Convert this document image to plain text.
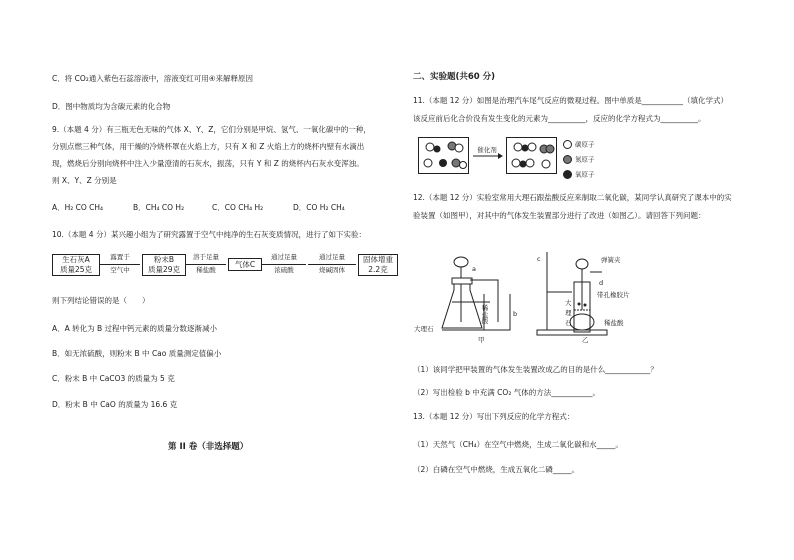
C．将 CO₂通入紫色石蕊溶液中，溶液变红可用④来解释原因
D．图中物质均为含碳元素的化合物
9.（本题 4 分）有三瓶无色无味的气体 X、Y、Z，它们分别是甲烷、氢气、一氧化碳中的一种，
分别点燃三种气体，用干燥的冷烧杯罩在火焰上方，只有 X 和 Z 火焰上方的烧杯内壁有水滴出
现，燃烧后分别向烧杯中注入少量澄清的石灰水，振荡，只有 Y 和 Z 的烧杯内石灰水变浑浊。
则 X、Y、Z 分别是
A．H₂ CO CH₄	B．CH₄ CO H₂	C．CO CH₄ H₂	D．CO H₂ CH₄
10.（本题 4 分）某兴趣小组为了研究露置于空气中纯净的生石灰变质情况，进行了如下实验：
生石灰A
质量25克
露置于
空气中
粉末B
质量29克
溶于足量
稀盐酸
气体C
通过足量
浓硫酸
通过足量
烧碱固体
固体增重
2.2克
则下列结论错误的是（　　）
A．A 转化为 B 过程中钙元素的质量分数逐渐减小
B．如无浓硫酸，则粉末 B 中 Cao 质量测定值偏小
C．粉末 B 中 CaCO3 的质量为 5 克
D．粉末 B 中 CaO 的质量为 16.6 克
第 II 卷（非选择题）
二、实验题(共60 分)
11.（本题 12 分）如图是治理汽车尾气反应的微观过程。图中单质是___________（填化学式）
该反应前后化合价没有发生变化的元素为__________，反应的化学方程式为__________。
催化剂
碳原子
氮原子
氧原子
12.（本题 12 分）实验室常用大理石跟盐酸反应来制取二氧化碳，某同学认真研究了课本中的实
验装置（如图甲），对其中的气体发生装置部分进行了改进（如图乙）。请回答下列问题：
a
b
c
d
大理石
稀盐酸
甲	乙
弹簧夹
带孔橡胶片
大
理
石	稀盐酸
（1）该同学把甲装置的气体发生装置改成乙的目的是什么____________？
（2）写出检验 b 中充满 CO₂ 气体的方法___________。
13.（本题 12 分）写出下列反应的化学方程式：
（1）天然气（CH₄）在空气中燃烧，生成二氧化碳和水_____。
（2）白磷在空气中燃烧，生成五氧化二磷_____。
